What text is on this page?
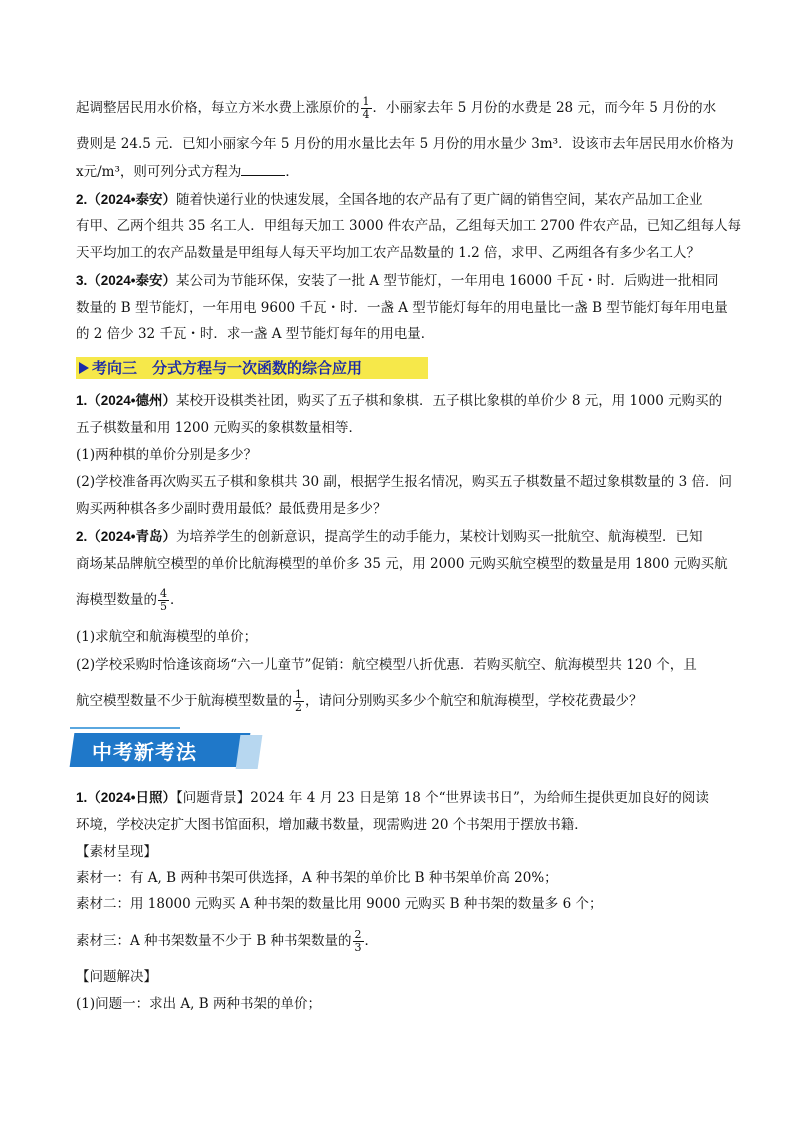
起调整居民用水价格，每立方米水费上涨原价的 $\frac{1}{4}$ ．小丽家去年 5 月份的水费是 28 元，而今年 5 月份的水
费则是 24.5 元．已知小丽家今年 5 月份的用水量比去年 5 月份的用水量少 3m³．设该市去年居民用水价格为
x元/m³，则可列分式方程为	．
2.（2024•泰安）随着快递行业的快速发展，全国各地的农产品有了更广阔的销售空间，某农产品加工企业
有甲、乙两个组共 35 名工人．甲组每天加工 3000 件农产品，乙组每天加工 2700 件农产品，已知乙组每人每
天平均加工的农产品数量是甲组每人每天平均加工农产品数量的 1.2 倍，求甲、乙两组各有多少名工人？
3.（2024•泰安）某公司为节能环保，安装了一批 A 型节能灯，一年用电 16000 千瓦・时．后购进一批相同
数量的 B 型节能灯，一年用电 9600 千瓦・时．一盏 A 型节能灯每年的用电量比一盏 B 型节能灯每年用电量
的 2 倍少 32 千瓦・时．求一盏 A 型节能灯每年的用电量．
考向三　分式方程与一次函数的综合应用
1.（2024•德州）某校开设棋类社团，购买了五子棋和象棋．五子棋比象棋的单价少 8 元，用 1000 元购买的
五子棋数量和用 1200 元购买的象棋数量相等．
(1)两种棋的单价分别是多少？
(2)学校准备再次购买五子棋和象棋共 30 副，根据学生报名情况，购买五子棋数量不超过象棋数量的 3 倍．问
购买两种棋各多少副时费用最低？最低费用是多少？
2.（2024•青岛）为培养学生的创新意识，提高学生的动手能力，某校计划购买一批航空、航海模型．已知
商场某品牌航空模型的单价比航海模型的单价多 35 元，用 2000 元购买航空模型的数量是用 1800 元购买航
海模型数量的 $\frac{4}{5}$ ．
(1)求航空和航海模型的单价；
(2)学校采购时恰逢该商场“六一儿童节”促销：航空模型八折优惠．若购买航空、航海模型共 120 个，且
航空模型数量不少于航海模型数量的 $\frac{1}{2}$ ，请问分别购买多少个航空和航海模型，学校花费最少？
中考新考法
1.（2024•日照）【问题背景】2024 年 4 月 23 日是第 18 个“世界读书日”，为给师生提供更加良好的阅读
环境，学校决定扩大图书馆面积，增加藏书数量，现需购进 20 个书架用于摆放书籍．
【素材呈现】
素材一：有 A, B 两种书架可供选择，A 种书架的单价比 B 种书架单价高 20%；
素材二：用 18000 元购买 A 种书架的数量比用 9000 元购买 B 种书架的数量多 6 个；
素材三：A 种书架数量不少于 B 种书架数量的 $\frac{2}{3}$ ．
【问题解决】
(1)问题一：求出 A, B 两种书架的单价；
